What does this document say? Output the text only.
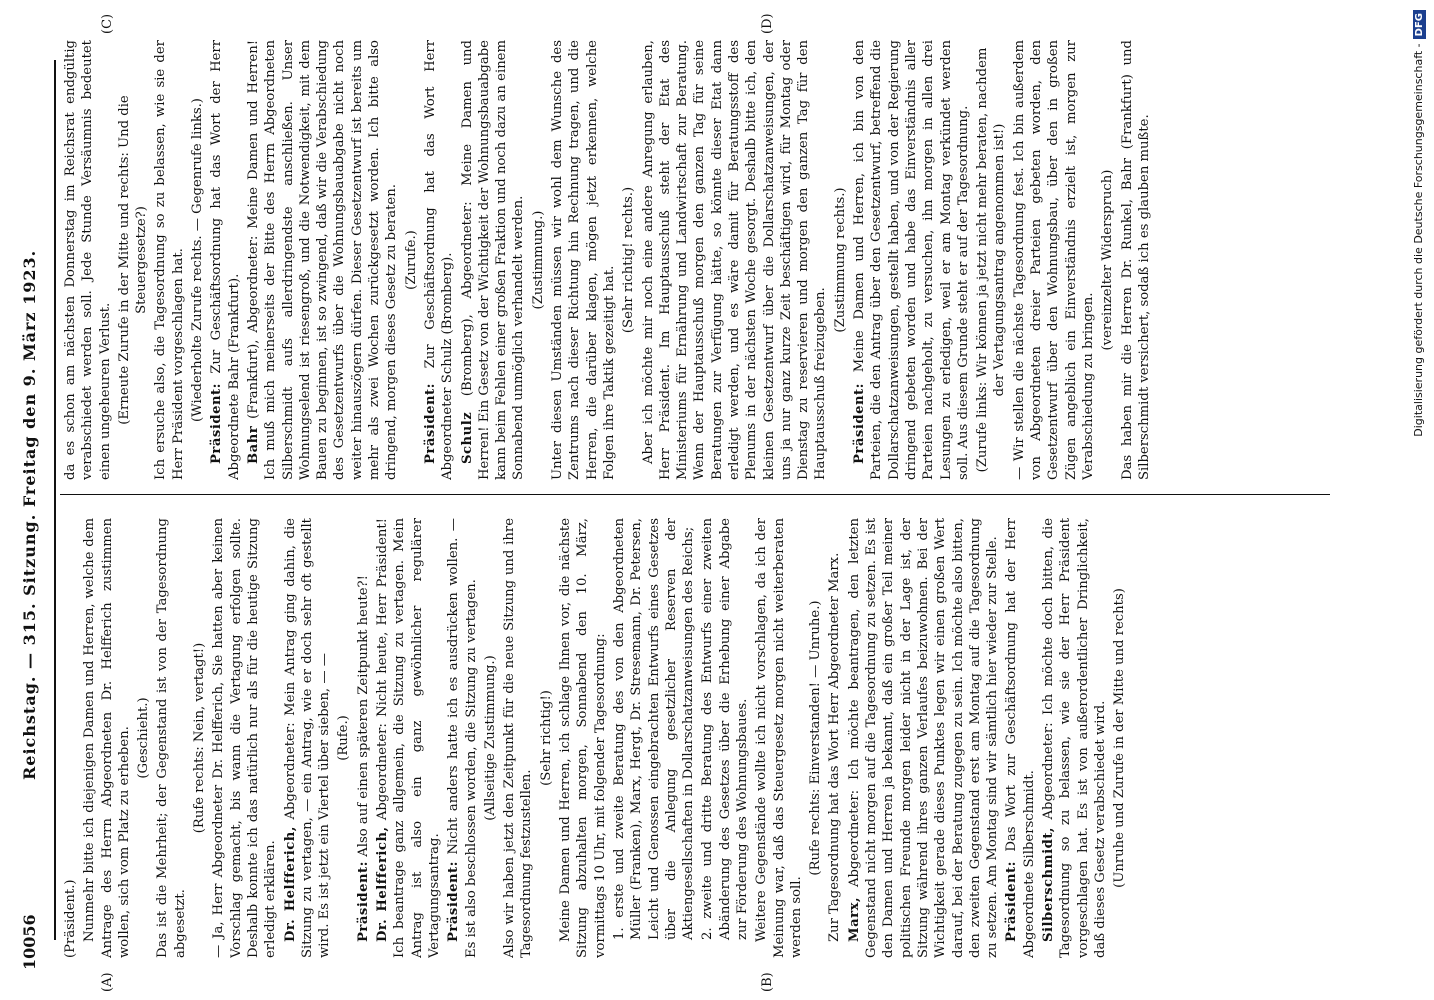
10056
Reichstag. — 315. Sitzung. Freitag den 9. März 1923.
(A)	(B)
(C)	(D)

(Präsident.) Nunmehr bitte ich diejenigen Damen und Herren, welche dem Antrage des Herrn Abgeordneten Dr. Helfferich zustimmen wollen, sich vom Platz zu erheben. (Geschieht.) Das ist die Mehrheit; der Gegenstand ist von der Tagesordnung abgesetzt.

(Rufe rechts: Nein, vertagt!) — Ja, Herr Abgeordneter Dr. Helfferich, Sie hatten aber keinen Vorschlag gemacht, bis wann die Vertagung erfolgen sollte. Deshalb konnte ich das natürlich nur als für die heutige Sitzung erledigt erklären. Dr. Helfferich, Abgeordneter: Mein Antrag ging dahin, die Sitzung zu vertagen, — ein Antrag, wie er doch sehr oft gestellt wird. Es ist jetzt ein Viertel über sieben, — — (Rufe.)

Präsident: Also auf einen späteren Zeitpunkt heute?!

Dr. Helfferich, Abgeordneter: Nicht heute, Herr Präsident! Ich beantrage ganz allgemein, die Sitzung zu vertagen. Mein Antrag ist also ein ganz gewöhnlicher regulärer Vertagungsantrag. Präsident: Nicht anders hatte ich es ausdrücken wollen. — Es ist also beschlossen worden, die Sitzung zu vertagen. (Allseitige Zustimmung.) Also wir haben jetzt den Zeitpunkt für die neue Sitzung und ihre Tagesordnung festzustellen.

(Sehr richtig!) Meine Damen und Herren, ich schlage Ihnen vor, die nächste Sitzung abzuhalten morgen, Sonnabend den 10. März, vormittags 10 Uhr, mit folgender Tagesordnung: 1. erste und zweite Beratung des von den Abgeordneten Müller (Franken), Marx, Hergt, Dr. Stresemann, Dr. Petersen, Leicht und Genossen eingebrachten Entwurfs eines Gesetzes über die Anlegung gesetzlicher Reserven der Aktiengesellschaften in Dollarschatzanweisungen des Reichs; 2. zweite und dritte Beratung des Entwurfs einer zweiten Abänderung des Gesetzes über die Erhebung einer Abgabe zur Förderung des Wohnungsbaues. Weitere Gegenstände wollte ich nicht vorschlagen, da ich der Meinung war, daß das Steuergesetz morgen nicht weiterberaten werden soll.

(Rufe rechts: Einverstanden! — Unruhe.) Zur Tagesordnung hat das Wort Herr Abgeordneter Marx. Marx, Abgeordneter: Ich möchte beantragen, den letzten Gegenstand nicht morgen auf die Tagesordnung zu setzen. Es ist den Damen und Herren ja bekannt, daß ein großer Teil meiner politischen Freunde morgen leider nicht in der Lage ist, der Sitzung während ihres ganzen Verlaufes beizuwohnen. Bei der Wichtigkeit gerade dieses Punktes legen wir einen großen Wert darauf, bei der Beratung zugegen zu sein. Ich möchte also bitten, den zweiten Gegenstand erst am Montag auf die Tagesordnung zu setzen. Am Montag sind wir sämtlich hier wieder zur Stelle. Präsident: Das Wort zur Geschäftsordnung hat der Herr Abgeordnete Silberschmidt. Silberschmidt, Abgeordneter: Ich möchte doch bitten, die Tagesordnung so zu belassen, wie sie der Herr Präsident vorgeschlagen hat. Es ist von außerordentlicher Dringlichkeit, daß dieses Gesetz verabschiedet wird. (Unruhe und Zurufe in der Mitte und rechts)

da es schon am nächsten Donnerstag im Reichsrat endgültig verabschiedet werden soll. Jede Stunde Versäumnis bedeutet einen ungeheuren Verlust. (Erneute Zurufe in der Mitte und rechts: Und die Steuergesetze?) Ich ersuche also, die Tagesordnung so zu belassen, wie sie der Herr Präsident vorgeschlagen hat. (Wiederholte Zurufe rechts. — Gegenrufe links.)

Präsident: Zur Geschäftsordnung hat das Wort der Herr Abgeordnete Bahr (Frankfurt). Bahr (Frankfurt), Abgeordneter: Meine Damen und Herren! Ich muß mich meinerseits der Bitte des Herrn Abgeordneten Silberschmidt aufs allerdringendste anschließen. Unser Wohnungselend ist riesengroß, und die Notwendigkeit, mit dem Bauen zu beginnen, ist so zwingend, daß wir die Verabschiedung des Gesetzentwurfs über die Wohnungsbauabgabe nicht noch weiter hinauszögern dürfen. Dieser Gesetzentwurf ist bereits um mehr als zwei Wochen zurückgesetzt worden. Ich bitte also dringend, morgen dieses Gesetz zu beraten. (Zurufe.)

Präsident: Zur Geschäftsordnung hat das Wort Herr Abgeordneter Schulz (Bromberg). Schulz (Bromberg), Abgeordneter: Meine Damen und Herren! Ein Gesetz von der Wichtigkeit der Wohnungsbauabgabe kann beim Fehlen einer großen Fraktion und noch dazu an einem Sonnabend unmöglich verhandelt werden. (Zustimmung.) Unter diesen Umständen müssen wir wohl dem Wunsche des Zentrums nach dieser Richtung hin Rechnung tragen, und die Herren, die darüber klagen, mögen jetzt erkennen, welche Folgen ihre Taktik gezeitigt hat.

(Sehr richtig! rechts.) Aber ich möchte mir noch eine andere Anregung erlauben, Herr Präsident. Im Hauptausschuß steht der Etat des Ministeriums für Ernährung und Landwirtschaft zur Beratung. Wenn der Hauptausschuß morgen den ganzen Tag für seine Beratungen zur Verfügung hätte, so könnte dieser Etat dann erledigt werden, und es wäre damit für Beratungsstoff des Plenums in der nächsten Woche gesorgt. Deshalb bitte ich, den kleinen Gesetzentwurf über die Dollarschatzanweisungen, der uns ja nur ganz kurze Zeit beschäftigen wird, für Montag oder Dienstag zu reservieren und morgen den ganzen Tag für den Hauptausschuß freizugeben.

(Zustimmung rechts.)

Präsident: Meine Damen und Herren, ich bin von den Parteien, die den Antrag über den Gesetzentwurf, betreffend die Dollarschatzanweisungen, gestellt haben, und von der Regierung dringend gebeten worden und habe das Einverständnis aller Parteien nachgeholt, zu versuchen, ihn morgen in allen drei Lesungen zu erledigen, weil er am Montag verkündet werden soll. Aus diesem Grunde steht er auf der Tagesordnung. (Zurufe links: Wir können ja jetzt nicht mehr beraten, nachdem der Vertagungsantrag angenommen ist!) — Wir stellen die nächste Tagesordnung fest. Ich bin außerdem von Abgeordneten dreier Parteien gebeten worden, den Gesetzentwurf über den Wohnungsbau, über den in großen Zügen angeblich ein Einverständnis erzielt ist, morgen zur Verabschiedung zu bringen.

(vereinzelter Widerspruch) Das haben mir die Herren Dr. Runkel, Bahr (Frankfurt) und Silberschmidt versichert, sodaß ich es glauben mußte.	Digitalisierung gefördert durch die Deutsche Forschungsgemeinschaft -DFG
